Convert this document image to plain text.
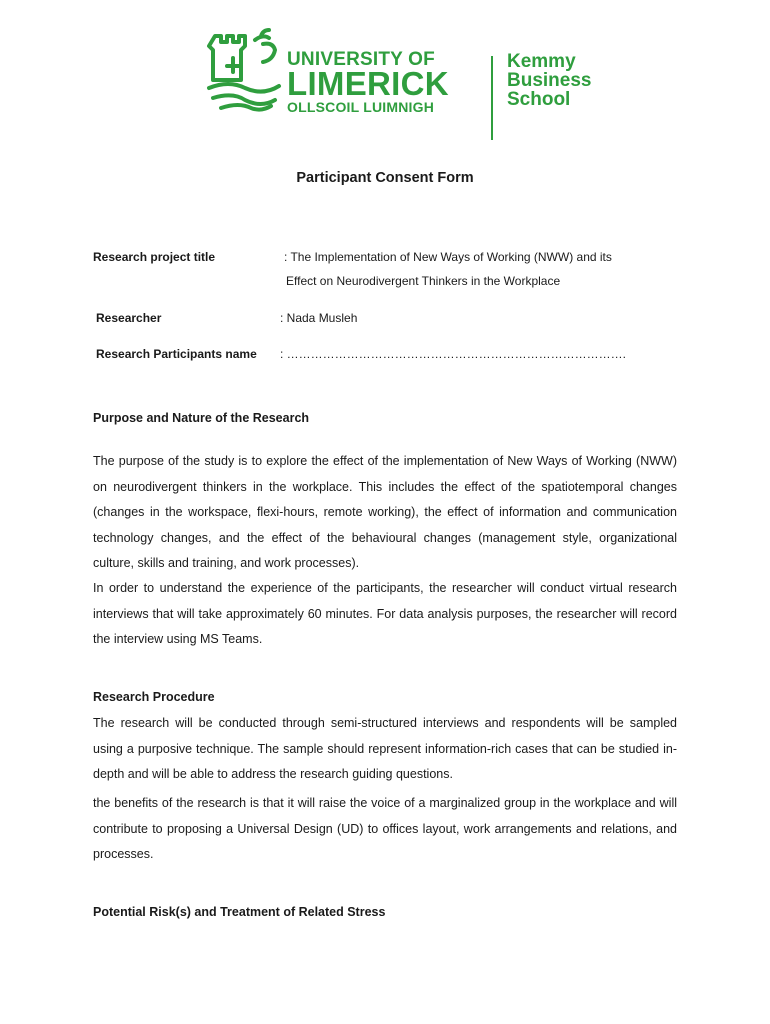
UNIVERSITY OF
LIMERICK
OLLSCOIL LUIMNIGH
Kemmy
Business
School
Participant Consent Form
Research project title	: The Implementation of New Ways of Working (NWW) and its
Effect on Neurodivergent Thinkers in the Workplace
Researcher	: Nada Musleh
Research Participants name : ………………………………………………………………………….
Purpose and Nature of the Research
The purpose of the study is to explore the effect of the implementation of New Ways of Working (NWW) on neurodivergent thinkers in the workplace. This includes the effect of the spatiotemporal changes (changes in the workspace, flexi-hours, remote working), the effect of information and communication technology changes, and the effect of the behavioural changes (management style, organizational culture, skills and training, and work processes).
In order to understand the experience of the participants, the researcher will conduct virtual research interviews that will take approximately 60 minutes. For data analysis purposes, the researcher will record the interview using MS Teams.
Research Procedure
The research will be conducted through semi-structured interviews and respondents will be sampled using a purposive technique. The sample should represent information-rich cases that can be studied in-depth and will be able to address the research guiding questions.
the benefits of the research is that it will raise the voice of a marginalized group in the workplace and will contribute to proposing a Universal Design (UD) to offices layout, work arrangements and relations, and processes.
Potential Risk(s) and Treatment of Related Stress
